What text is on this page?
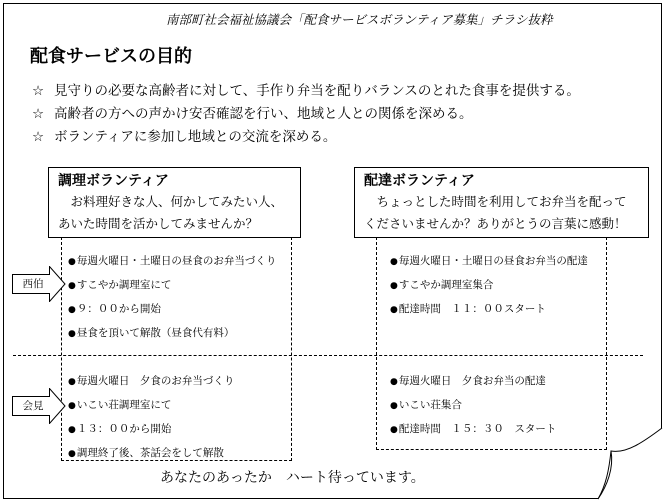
南部町社会福祉協議会「配食サービスボランティア募集」チラシ抜粋
配食サービスの目的
☆ 見守りの必要な高齢者に対して、手作り弁当を配りバランスのとれた食事を提供する。
☆ 高齢者の方への声かけ安否確認を行い、地域と人との関係を深める。
☆ ボランティアに参加し地域との交流を深める。
調理ボランティア
　お料理好きな人、何かしてみたい人、
あいた時間を活かしてみませんか？
配達ボランティア
　ちょっとした時間を利用してお弁当を配って
くださいませんか？ありがとうの言葉に感動！
西伯
会見
● 毎週火曜日・土曜日の昼食のお弁当づくり
● すこやか調理室にて
● ９：００から開始
● 昼食を頂いて解散（昼食代有料）
● 毎週火曜日・土曜日の昼食お弁当の配達
● すこやか調理室集合
● 配達時間　１１：００スタート
● 毎週火曜日　夕食のお弁当づくり
● いこい荘調理室にて
● １３：００から開始
● 調理終了後、茶話会をして解散
● 毎週火曜日　夕食お弁当の配達
● いこい荘集合
● 配達時間　１５：３０　スタート
あなたのあったか　ハート待っています。
